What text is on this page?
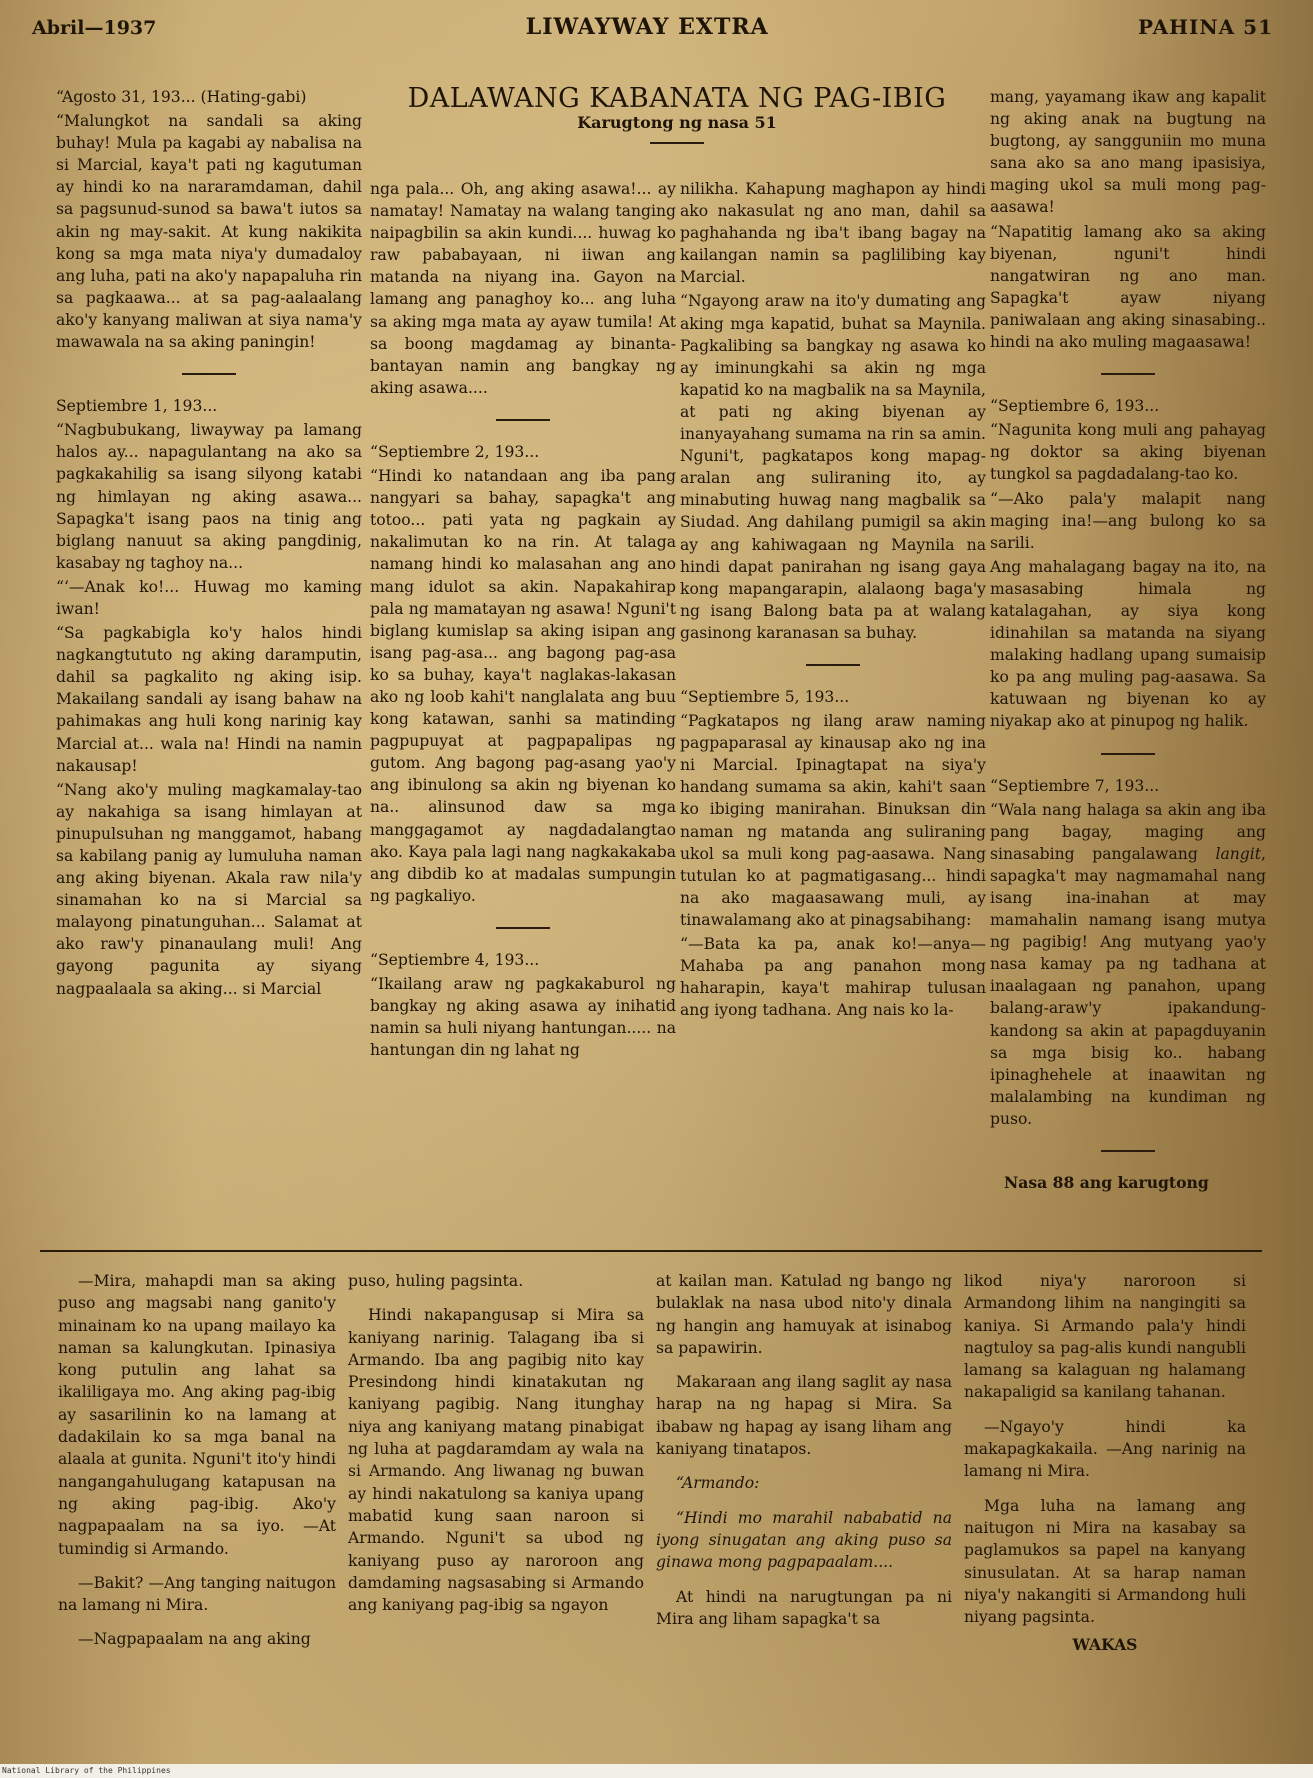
Abril—1937	LIWAYWAY EXTRA	PAHINA 51
DALAWANG KABANATA NG PAG-IBIG
Karugtong ng nasa 51

“Agosto 31, 193... (Hating-gabi)

“Malungkot na sandali sa aking buhay! Mula pa kagabi ay nabalisa na si Marcial, kaya't pati ng kagutuman ay hindi ko na nararamdaman, dahil sa pagsunud-sunod sa bawa't iutos sa akin ng may-sakit. At kung nakikita kong sa mga mata niya'y dumadaloy ang luha, pati na ako'y napapaluha rin sa pagkaawa... at sa pag-aalaalang ako'y kanyang maliwan at siya nama'y mawawala na sa aking paningin!

Septiembre 1, 193...

“Nagbubukang, liwayway pa lamang halos ay... napagulantang na ako sa pagkakahilig sa isang silyong katabi ng himlayan ng aking asawa... Sapagka't isang paos na tinig ang biglang nanuut sa aking pangdinig, kasabay ng taghoy na...

“‘—Anak ko!... Huwag mo kaming iwan!

“Sa pagkabigla ko'y halos hindi nagkangtututo ng aking daramputin, dahil sa pagkalito ng aking isip. Makailang sandali ay isang bahaw na pahimakas ang huli kong narinig kay Marcial at... wala na! Hindi na namin nakausap!

“Nang ako'y muling magkamalay-tao ay nakahiga sa isang himlayan at pinupulsuhan ng manggamot, habang sa kabilang panig ay lumuluha naman ang aking biyenan. Akala raw nila'y sinamahan ko na si Marcial sa malayong pinatunguhan... Salamat at ako raw'y pinanaulang muli! Ang gayong pagunita ay siyang nagpaalaala sa aking... si Marcial

nga pala... Oh, ang aking asawa!... ay namatay! Namatay na walang tanging naipagbilin sa akin kundi.... huwag ko raw pababayaan, ni iiwan ang matanda na niyang ina. Gayon na lamang ang panaghoy ko... ang luha sa aking mga mata ay ayaw tumila! At sa boong magdamag ay binanta-bantayan namin ang bangkay ng aking asawa....

“Septiembre 2, 193...

“Hindi ko natandaan ang iba pang nangyari sa bahay, sapagka't ang totoo... pati yata ng pagkain ay nakalimutan ko na rin. At talaga namang hindi ko malasahan ang ano mang idulot sa akin. Napakahirap pala ng mamatayan ng asawa! Nguni't biglang kumislap sa aking isipan ang isang pag-asa... ang bagong pag-asa ko sa buhay, kaya't naglakas-lakasan ako ng loob kahi't nanglalata ang buu kong katawan, sanhi sa matinding pagpupuyat at pagpapalipas ng gutom. Ang bagong pag-asang yao'y ang ibinulong sa akin ng biyenan ko na.. alinsunod daw sa mga manggagamot ay nagdadalangtao ako. Kaya pala lagi nang nagkakakaba ang dibdib ko at madalas sumpungin ng pagkaliyo.

“Septiembre 4, 193...

“Ikailang araw ng pagkakaburol ng bangkay ng aking asawa ay inihatid namin sa huli niyang hantungan..... na hantungan din ng lahat ng

nilikha. Kahapung maghapon ay hindi ako nakasulat ng ano man, dahil sa paghahanda ng iba't ibang bagay na kailangan namin sa paglilibing kay Marcial.

“Ngayong araw na ito'y dumating ang aking mga kapatid, buhat sa Maynila. Pagkalibing sa bangkay ng asawa ko ay iminungkahi sa akin ng mga kapatid ko na magbalik na sa Maynila, at pati ng aking biyenan ay inanyayahang sumama na rin sa amin. Nguni't, pagkatapos kong mapag-aralan ang suliraning ito, ay minabuting huwag nang magbalik sa Siudad. Ang dahilang pumigil sa akin ay ang kahiwagaan ng Maynila na hindi dapat panirahan ng isang gaya kong mapangarapin, alalaong baga'y ng isang Balong bata pa at walang gasinong karanasan sa buhay.

“Septiembre 5, 193...

“Pagkatapos ng ilang araw naming pagpaparasal ay kinausap ako ng ina ni Marcial. Ipinagtapat na siya'y handang sumama sa akin, kahi't saan ko ibiging manirahan. Binuksan din naman ng matanda ang suliraning ukol sa muli kong pag-aasawa. Nang tutulan ko at pagmatigasang... hindi na ako magaasawang muli, ay tinawalamang ako at pinagsabihang:

“—Bata ka pa, anak ko!—anya—Mahaba pa ang panahon mong haharapin, kaya't mahirap tulusan ang iyong tadhana. Ang nais ko la-

mang, yayamang ikaw ang kapalit ng aking anak na bugtung na bugtong, ay sangguniin mo muna sana ako sa ano mang ipasisiya, maging ukol sa muli mong pag-aasawa!

“Napatitig lamang ako sa aking biyenan, nguni't hindi nangatwiran ng ano man. Sapagka't ayaw niyang paniwalaan ang aking sinasabing.. hindi na ako muling magaasawa!

“Septiembre 6, 193...

“Nagunita kong muli ang pahayag ng doktor sa aking biyenan tungkol sa pagdadalang-tao ko.

“—Ako pala'y malapit nang maging ina!—ang bulong ko sa sarili.

Ang mahalagang bagay na ito, na masasabing himala ng katalagahan, ay siya kong idinahilan sa matanda na siyang malaking hadlang upang sumaisip ko pa ang muling pag-aasawa. Sa katuwaan ng biyenan ko ay niyakap ako at pinupog ng halik.

“Septiembre 7, 193...

“Wala nang halaga sa akin ang iba pang bagay, maging ang sinasabing pangalawang langit, sapagka't may nagmamahal nang isang ina-inahan at may mamahalin namang isang mutya ng pagibig! Ang mutyang yao'y nasa kamay pa ng tadhana at inaalagaan ng panahon, upang balang-araw'y ipakandung-kandong sa akin at papagduyanin sa mga bisig ko.. habang ipinaghehele at inaawitan ng malalambing na kundiman ng puso.

Nasa 88 ang karugtong

—Mira, mahapdi man sa aking puso ang magsabi nang ganito'y minainam ko na upang mailayo ka naman sa kalungkutan. Ipinasiya kong putulin ang lahat sa ikaliligaya mo. Ang aking pag-ibig ay sasarilinin ko na lamang at dadakilain ko sa mga banal na alaala at gunita. Nguni't ito'y hindi nangangahulugang katapusan na ng aking pag-ibig. Ako'y nagpapaalam na sa iyo. —At tumindig si Armando.

—Bakit? —Ang tanging naitugon na lamang ni Mira.

—Nagpapaalam na ang aking

puso, huling pagsinta.

Hindi nakapangusap si Mira sa kaniyang narinig. Talagang iba si Armando. Iba ang pagibig nito kay Presindong hindi kinatakutan ng kaniyang pagibig. Nang itunghay niya ang kaniyang matang pinabigat ng luha at pagdaramdam ay wala na si Armando. Ang liwanag ng buwan ay hindi nakatulong sa kaniya upang mabatid kung saan naroon si Armando. Nguni't sa ubod ng kaniyang puso ay naroroon ang damdaming nagsasabing si Armando ang kaniyang pag-ibig sa ngayon

at kailan man. Katulad ng bango ng bulaklak na nasa ubod nito'y dinala ng hangin ang hamuyak at isinabog sa papawirin.

Makaraan ang ilang saglit ay nasa harap na ng hapag si Mira. Sa ibabaw ng hapag ay isang liham ang kaniyang tinatapos.

“Armando:

“Hindi mo marahil nababatid na iyong sinugatan ang aking puso sa ginawa mong pagpapaalam....

At hindi na narugtungan pa ni Mira ang liham sapagka't sa

likod niya'y naroroon si Armandong lihim na nangingiti sa kaniya. Si Armando pala'y hindi nagtuloy sa pag-alis kundi nangubli lamang sa kalaguan ng halamang nakapaligid sa kanilang tahanan.

—Ngayo'y hindi ka makapagkakaila. —Ang narinig na lamang ni Mira.

Mga luha na lamang ang naitugon ni Mira na kasabay sa paglamukos sa papel na kanyang sinusulatan. At sa harap naman niya'y nakangiti si Armandong huli niyang pagsinta.

WAKAS

National Library of the Philippines
